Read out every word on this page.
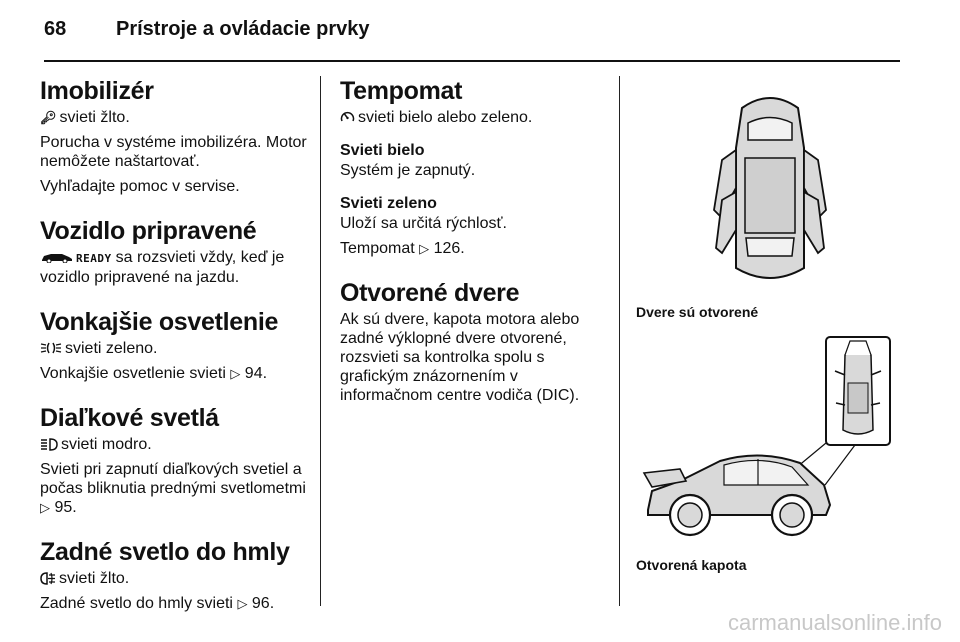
68 Prístroje a ovládacie prvky
Imobilizér

🔑︎ svieti žlto.

Porucha v systéme imobilizéra. Motor nemôžete naštartovať.

Vyhľadajte pomoc v servise.

Vozidlo pripravené

READY sa rozsvieti vždy, keď je vozidlo pripravené na jazdu.

Vonkajšie osvetlenie

svieti zeleno.

Vonkajšie osvetlenie svieti ▷ 94.

Diaľkové svetlá

svieti modro.

Svieti pri zapnutí diaľkových svetiel a počas bliknutia prednými svetlometmi ▷ 95.

Zadné svetlo do hmly

svieti žlto.

Zadné svetlo do hmly svieti ▷ 96.

Tempomat

svieti bielo alebo zeleno.

Svieti bielo

Systém je zapnutý.

Svieti zeleno

Uloží sa určitá rýchlosť.

Tempomat ▷ 126.

Otvorené dvere

Ak sú dvere, kapota motora alebo zadné výklopné dvere otvorené, rozsvieti sa kontrolka spolu s grafickým znázornením v informačnom centre vodiča (DIC).

Dvere sú otvorené
Otvorená kapota
carmanualsonline.info
